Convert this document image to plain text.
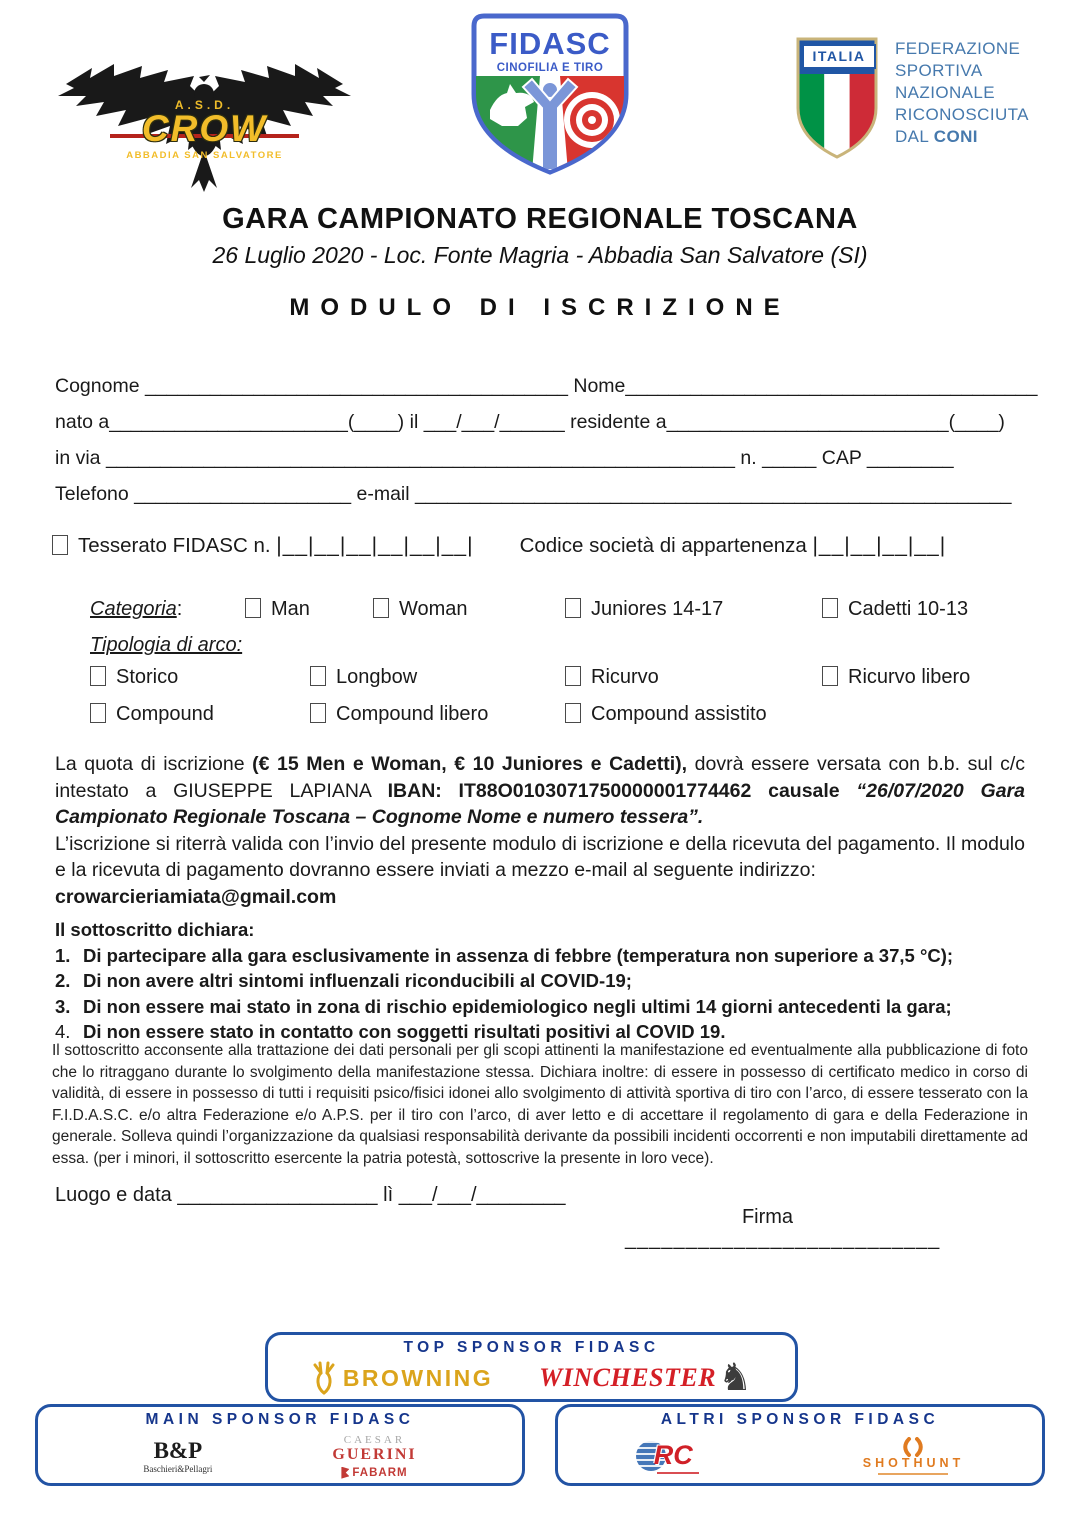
A.S.D.
CROW
ABBADIA SAN SALVATORE
FIDASC
CINOFILIA E TIRO
ITALIA	FEDERAZIONE
SPORTIVA NAZIONALE
RICONOSCIUTA
DAL CONI
GARA CAMPIONATO REGIONALE TOSCANA
26 Luglio 2020 - Loc. Fonte Magria - Abbadia San Salvatore (SI)
MODULO DI ISCRIZIONE
Cognome _______________________________________ Nome______________________________________
nato a______________________(____) il ___/___/______ residente a__________________________(____)
in via __________________________________________________________ n. _____ CAP ________
Telefono ____________________ e-mail _______________________________________________________
Tesserato FIDASC n. |__|__|__|__|__|__| Codice società di appartenenza |__|__|__|__|
Categoria:	Man	Woman	Juniores 14-17	Cadetti 10-13
Tipologia di arco:
Storico	Longbow	Ricurvo	Ricurvo libero
Compound	Compound libero	Compound assistito

La quota di iscrizione (€ 15 Men e Woman, € 10 Juniores e Cadetti), dovrà essere versata con b.b. sul c/c intestato a GIUSEPPE LAPIANA IBAN: IT88O0103071750000001774462 causale “26/07/2020 Gara Campionato Regionale Toscana – Cognome Nome e numero tessera”.
L’iscrizione si riterrà valida con l’invio del presente modulo di iscrizione e della ricevuta del pagamento. Il modulo e la ricevuta di pagamento dovranno essere inviati a mezzo e-mail al seguente indirizzo:
crowarcieriamiata@gmail.com

Il sottoscritto dichiara:
1. Di partecipare alla gara esclusivamente in assenza di febbre (temperatura non superiore a 37,5 °C);
2. Di non avere altri sintomi influenzali riconducibili al COVID-19;
3. Di non essere mai stato in zona di rischio epidemiologico negli ultimi 14 giorni antecedenti la gara;
4. Di non essere stato in contatto con soggetti risultati positivi al COVID 19.

Il sottoscritto acconsente alla trattazione dei dati personali per gli scopi attinenti la manifestazione ed eventualmente alla pubblicazione di foto che lo ritraggano durante lo svolgimento della manifestazione stessa. Dichiara inoltre: di essere in possesso di certificato medico in corso di validità, di essere in possesso di tutti i requisiti psico/fisici idonei allo svolgimento di attività sportiva di tiro con l’arco, di essere tesserato con la F.I.D.A.S.C. e/o altra Federazione e/o A.P.S. per il tiro con l’arco, di aver letto e di accettare il regolamento di gara e della Federazione in generale. Solleva quindi l’organizzazione da qualsiasi responsabilità derivante da possibili incidenti occorrenti e non imputabili direttamente ad essa. (per i minori, il sottoscritto esercente la patria potestà, sottoscrive la presente in loro vece).

Luogo e data __________________ lì ___/___/________
Firma
__________________________
TOP SPONSOR FIDASC
BROWNING WINCHESTER ♞
MAIN SPONSOR FIDASC
B&P
Baschieri&Pellagri
CAESAR
GUERINI
FABARM
ALTRI SPONSOR FIDASC
RC	SHOTHUNT
